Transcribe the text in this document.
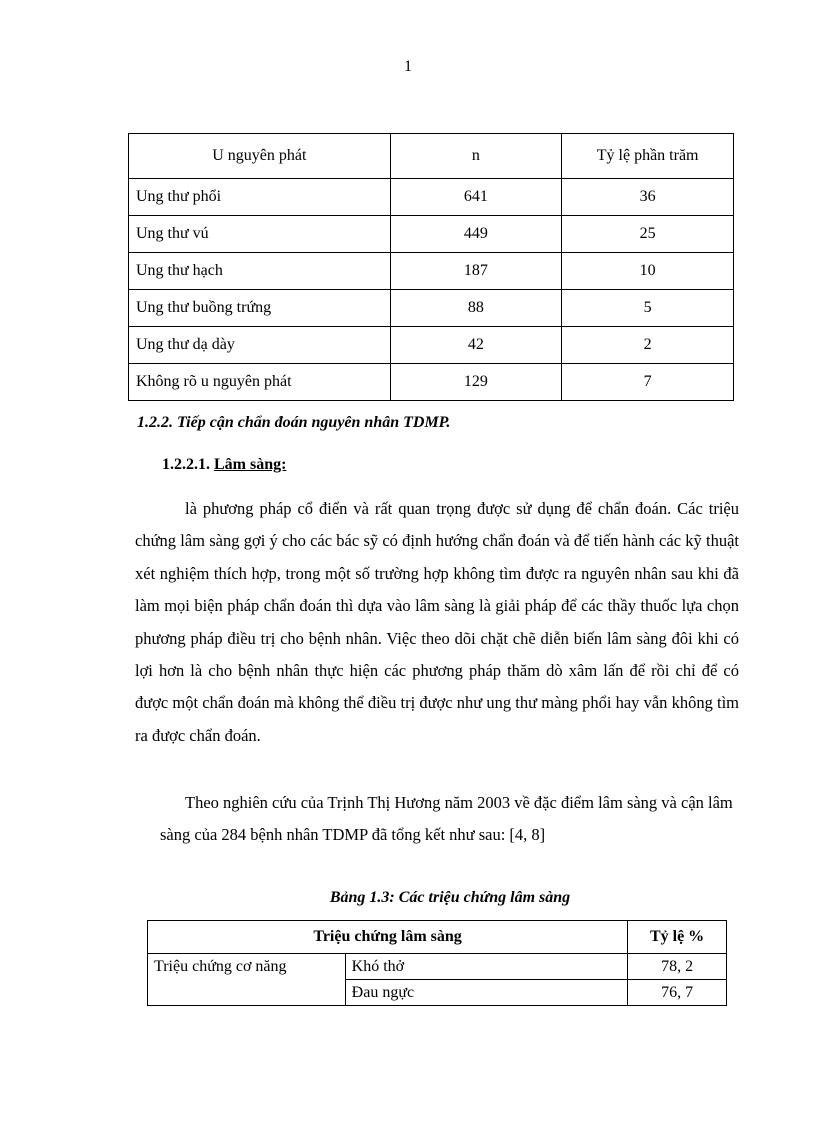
1
U nguyên phát	n	Tỷ lệ phần trăm
Ung thư phổi	641	36
Ung thư vú	449	25
Ung thư hạch	187	10
Ung thư buồng trứng	88	5
Ung thư dạ dày	42	2
Không rõ u nguyên phát	129	7
1.2.2. Tiếp cận chẩn đoán nguyên nhân TDMP.
1.2.2.1. Lâm sàng:

là phương pháp cổ điển và rất quan trọng được sử dụng để chẩn đoán. Các triệu chứng lâm sàng gợi ý cho các bác sỹ có định hướng chẩn đoán và để tiến hành các kỹ thuật xét nghiệm thích hợp, trong một số trường hợp không tìm được ra nguyên nhân sau khi đã làm mọi biện pháp chẩn đoán thì dựa vào lâm sàng là giải pháp để các thầy thuốc lựa chọn phương pháp điều trị cho bệnh nhân. Việc theo dõi chặt chẽ diễn biến lâm sàng đôi khi có lợi hơn là cho bệnh nhân thực hiện các phương pháp thăm dò xâm lấn để rồi chỉ để có được một chẩn đoán mà không thể điều trị được như ung thư màng phổi hay vẫn không tìm ra được chẩn đoán.

Theo nghiên cứu của Trịnh Thị Hương năm 2003 về đặc điểm lâm sàng và cận lâm sàng của 284 bệnh nhân TDMP đã tổng kết như sau: [4, 8]

Bảng 1.3: Các triệu chứng lâm sàng
Triệu chứng lâm sàng		Tỷ lệ %
Triệu chứng cơ năng	Khó thở	78, 2
	Đau ngực	76, 7
